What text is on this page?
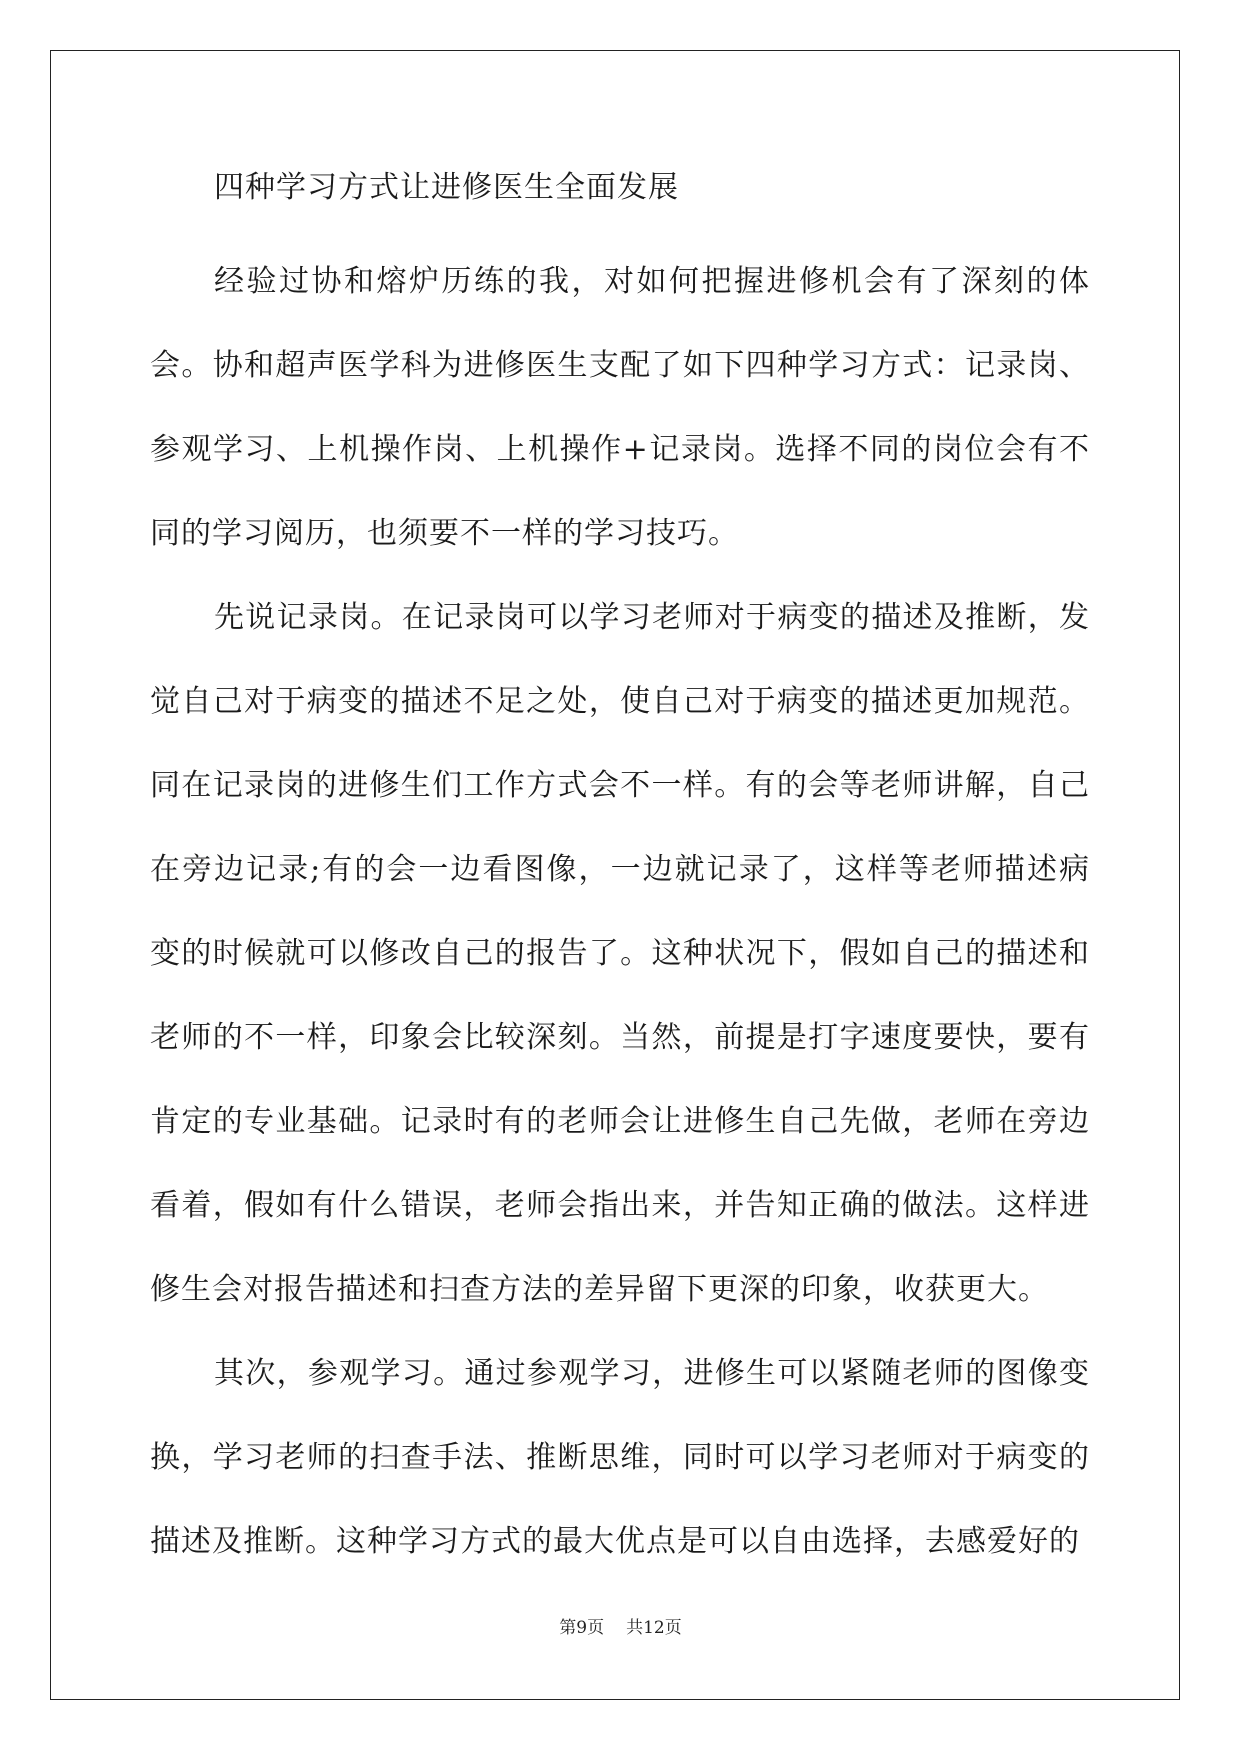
四种学习方式让进修医生全面发展

经验过协和熔炉历练的我，对如何把握进修机会有了深刻的体会。协和超声医学科为进修医生支配了如下四种学习方式：记录岗、参观学习、上机操作岗、上机操作+记录岗。选择不同的岗位会有不同的学习阅历，也须要不一样的学习技巧。

先说记录岗。在记录岗可以学习老师对于病变的描述及推断，发觉自己对于病变的描述不足之处，使自己对于病变的描述更加规范。同在记录岗的进修生们工作方式会不一样。有的会等老师讲解，自己在旁边记录;有的会一边看图像，一边就记录了，这样等老师描述病变的时候就可以修改自己的报告了。这种状况下，假如自己的描述和老师的不一样，印象会比较深刻。当然，前提是打字速度要快，要有肯定的专业基础。记录时有的老师会让进修生自己先做，老师在旁边看着，假如有什么错误，老师会指出来，并告知正确的做法。这样进修生会对报告描述和扫查方法的差异留下更深的印象，收获更大。

其次，参观学习。通过参观学习，进修生可以紧随老师的图像变换，学习老师的扫查手法、推断思维，同时可以学习老师对于病变的描述及推断。这种学习方式的最大优点是可以自由选择，去感爱好的

第9页 共12页
